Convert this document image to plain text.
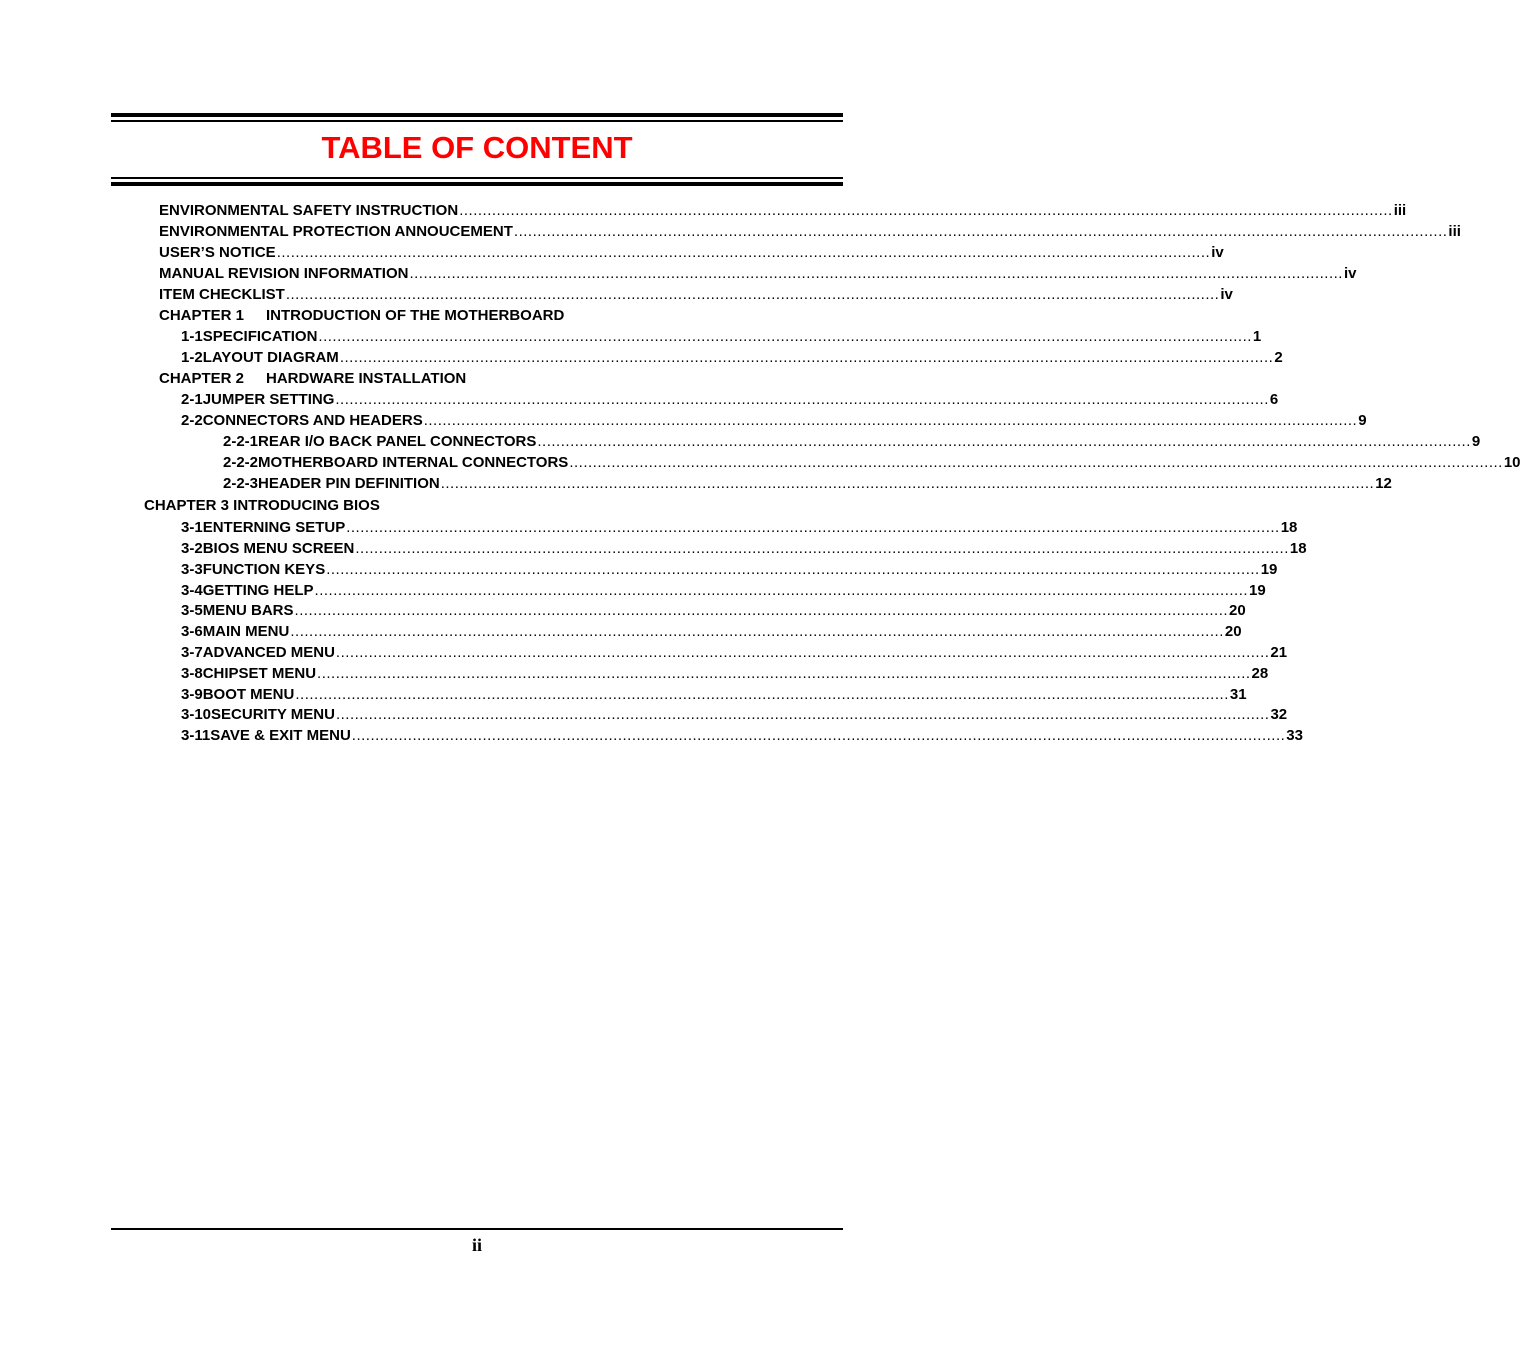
TABLE OF CONTENT
ENVIRONMENTAL SAFETY INSTRUCTION ........................................................................................................................................................................................................ iii
ENVIRONMENTAL PROTECTION ANNOUCEMENT ........................................................................................................................................................................................................ iii
USER’S NOTICE ........................................................................................................................................................................................................ iv
MANUAL REVISION INFORMATION ........................................................................................................................................................................................................ iv
ITEM CHECKLIST ........................................................................................................................................................................................................ iv
CHAPTER 1	INTRODUCTION OF THE MOTHERBOARD
1-1 SPECIFICATION ........................................................................................................................................................................................................ 1
1-2 LAYOUT DIAGRAM ........................................................................................................................................................................................................ 2
CHAPTER 2	HARDWARE INSTALLATION
2-1 JUMPER SETTING ........................................................................................................................................................................................................ 6
2-2 CONNECTORS AND HEADERS ........................................................................................................................................................................................................ 9
2-2-1 REAR I/O BACK PANEL CONNECTORS ........................................................................................................................................................................................................ 9
2-2-2 MOTHERBOARD INTERNAL CONNECTORS ........................................................................................................................................................................................................ 10
2-2-3 HEADER PIN DEFINITION ........................................................................................................................................................................................................ 12
CHAPTER 3 INTRODUCING BIOS
3-1 ENTERNING SETUP ........................................................................................................................................................................................................ 18
3-2 BIOS MENU SCREEN ........................................................................................................................................................................................................ 18
3-3 FUNCTION KEYS ........................................................................................................................................................................................................ 19
3-4 GETTING HELP ........................................................................................................................................................................................................ 19
3-5 MENU BARS ........................................................................................................................................................................................................ 20
3-6 MAIN MENU ........................................................................................................................................................................................................ 20
3-7 ADVANCED MENU ........................................................................................................................................................................................................ 21
3-8 CHIPSET MENU ........................................................................................................................................................................................................ 28
3-9 BOOT MENU ........................................................................................................................................................................................................ 31
3-10 SECURITY MENU ........................................................................................................................................................................................................ 32
3-11 SAVE & EXIT MENU ........................................................................................................................................................................................................ 33
ii
